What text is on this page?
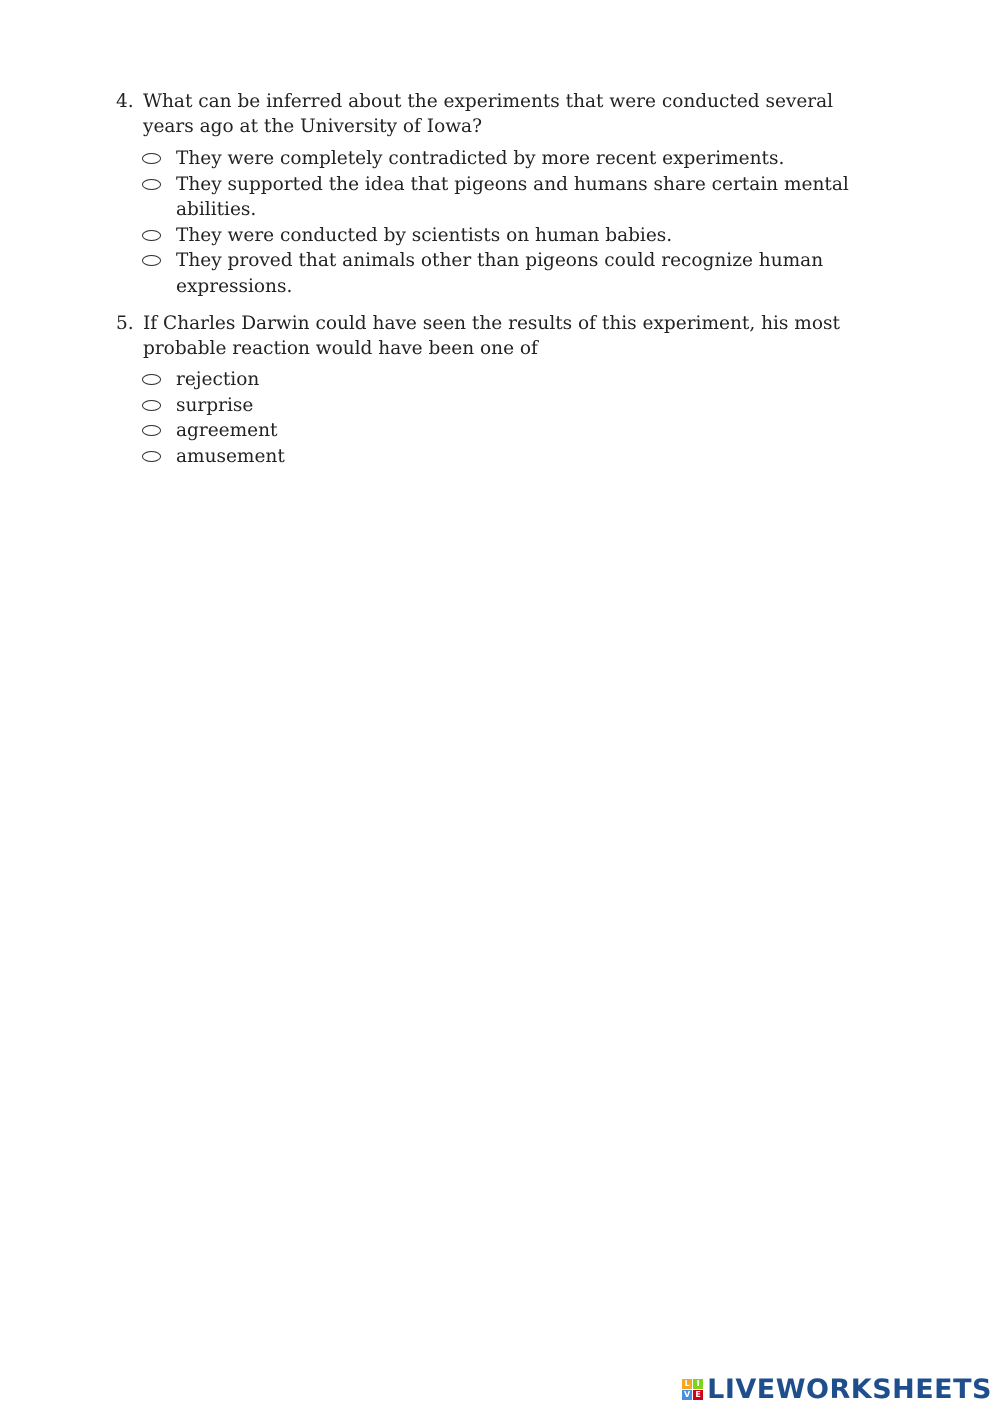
4. What can be inferred about the experiments that were conducted several years ago at the University of Iowa?
They were completely contradicted by more recent experiments.
They supported the idea that pigeons and humans share certain mental abilities.
They were conducted by scientists on human babies.
They proved that animals other than pigeons could recognize human expressions.
5. If Charles Darwin could have seen the results of this experiment, his most probable reaction would have been one of
rejection
surprise
agreement
amusement
L I
V E LIVEWORKSHEETS
